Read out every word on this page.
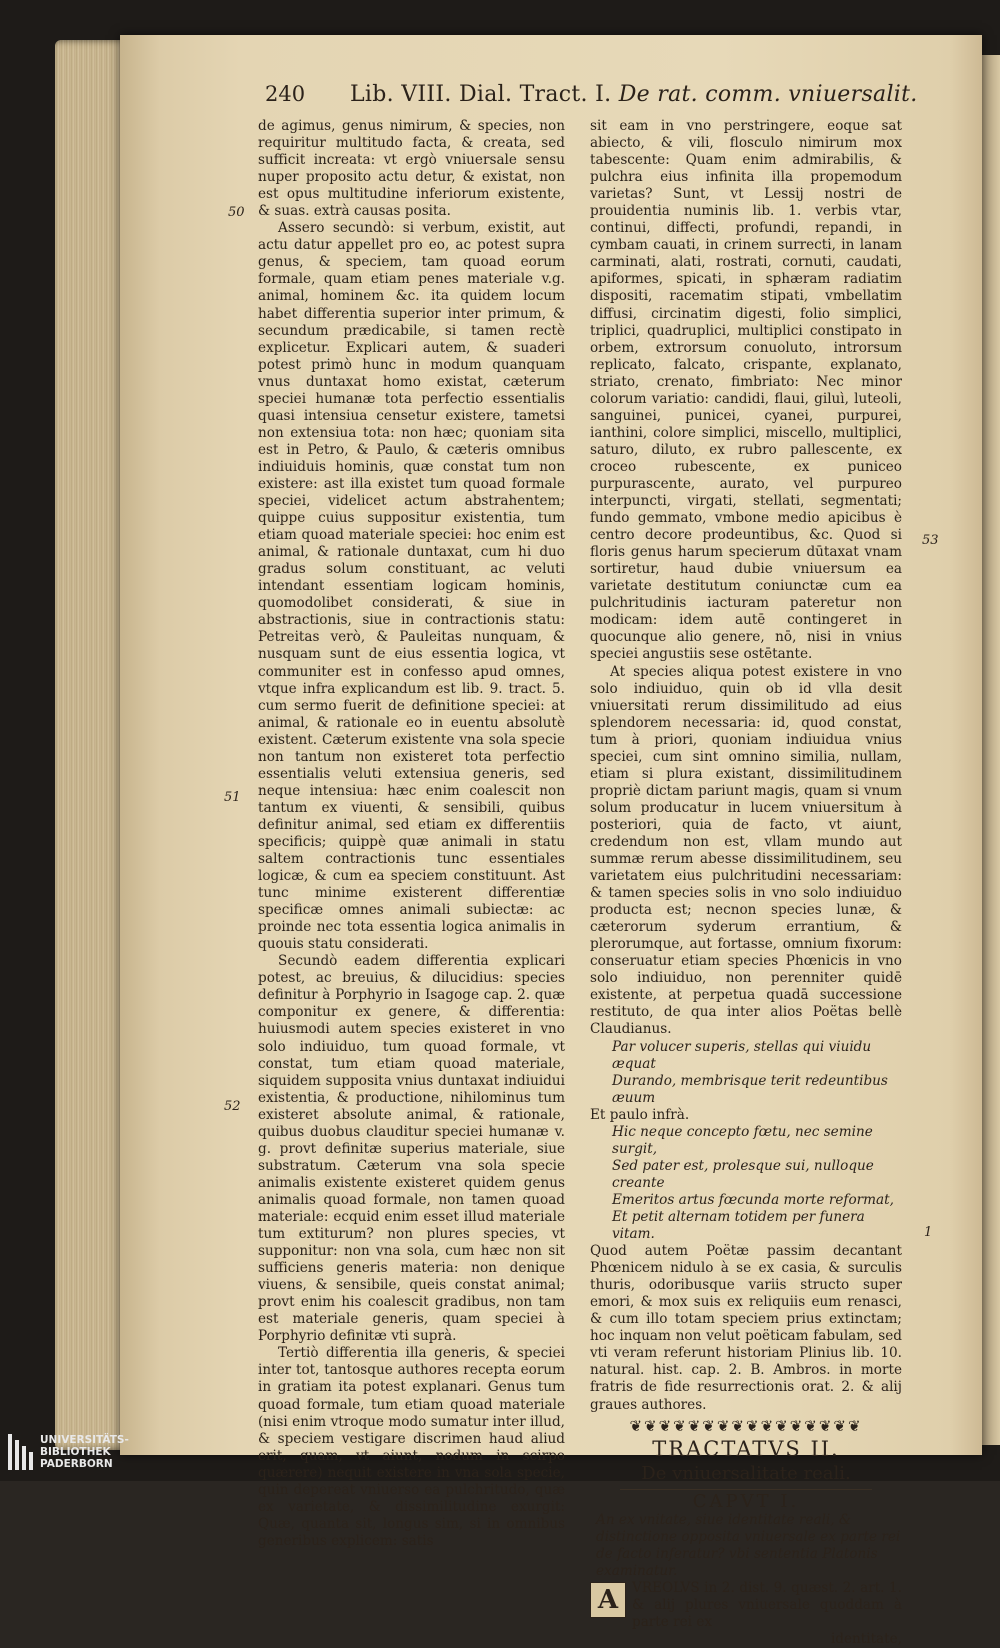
240 Lib. VIII. Dial. Tract. I. De rat. comm. vniuersalit.
50
51
52
53
1

de agimus, genus nimirum, & species, non requiritur multitudo facta, & creata, sed sufficit increata: vt ergò vniuersale sensu nuper proposito actu detur, & existat, non est opus multitudine inferiorum existente, & suas. extrà causas posita.

Assero secundò: si verbum, existit, aut actu datur appellet pro eo, ac potest supra genus, & speciem, tam quoad eorum formale, quam etiam penes materiale v.g. animal, hominem &c. ita quidem locum habet differentia superior inter primum, & secundum prædicabile, si tamen rectè explicetur. Explicari autem, & suaderi potest primò hunc in modum quanquam vnus duntaxat homo existat, cæterum speciei humanæ tota perfectio essentialis quasi intensiua censetur existere, tametsi non extensiua tota: non hæc; quoniam sita est in Petro, & Paulo, & cæteris omnibus indiuiduis hominis, quæ constat tum non existere: ast illa existet tum quoad formale speciei, videlicet actum abstrahentem; quippe cuius suppositur existentia, tum etiam quoad materiale speciei: hoc enim est animal, & rationale duntaxat, cum hi duo gradus solum constituant, ac veluti intendant essentiam logicam hominis, quomodolibet considerati, & siue in abstractionis, siue in contractionis statu: Petreitas verò, & Pauleitas nunquam, & nusquam sunt de eius essentia logica, vt communiter est in confesso apud omnes, vtque infra explicandum est lib. 9. tract. 5. cum sermo fuerit de definitione speciei: at animal, & rationale eo in euentu absolutè existent. Cæterum existente vna sola specie non tantum non existeret tota perfectio essentialis veluti extensiua generis, sed neque intensiua: hæc enim coalescit non tantum ex viuenti, & sensibili, quibus definitur animal, sed etiam ex differentiis specificis; quippè quæ animali in statu saltem contractionis tunc essentiales logicæ, & cum ea speciem constituunt. Ast tunc minime existerent differentiæ specificæ omnes animali subiectæ: ac proinde nec tota essentia logica animalis in quouis statu considerati.

Secundò eadem differentia explicari potest, ac breuius, & dilucidius: species definitur à Porphyrio in Isagoge cap. 2. quæ componitur ex genere, & differentia: huiusmodi autem species existeret in vno solo indiuiduo, tum quoad formale, vt constat, tum etiam quoad materiale, siquidem supposita vnius duntaxat indiuidui existentia, & productione, nihilominus tum existeret absolute animal, & rationale, quibus duobus clauditur speciei humanæ v. g. provt definitæ superius materiale, siue substratum. Cæterum vna sola specie animalis existente existeret quidem genus animalis quoad formale, non tamen quoad materiale: ecquid enim esset illud materiale tum extiturum? non plures species, vt supponitur: non vna sola, cum hæc non sit sufficiens generis materia: non denique viuens, & sensibile, queis constat animal; provt enim his coalescit gradibus, non tam est materiale generis, quam speciei à Porphyrio definitæ vti suprà.

Tertiò differentia illa generis, & speciei inter tot, tantosque authores recepta eorum in gratiam ita potest explanari. Genus tum quoad formale, tum etiam quoad materiale (nisi enim vtroque modo sumatur inter illud, & speciem vestigare discrimen haud aliud erit, quam, vt aiunt, nodum in scirpo quærere) nequit existere in vna sola specie, quin depereat vniuerso ea pulchritudo, quæ ex varietate, & dissimilitudine exurgit: Quæ, quanta sit, longus sim, si in omnibus generibus explicem: satis

sit eam in vno perstringere, eoque sat abiecto, & vili, flosculo nimirum mox tabescente: Quam enim admirabilis, & pulchra eius infinita illa propemodum varietas? Sunt, vt Lessij nostri de prouidentia numinis lib. 1. verbis vtar, continui, diffecti, profundi, repandi, in cymbam cauati, in crinem surrecti, in lanam carminati, alati, rostrati, cornuti, caudati, apiformes, spicati, in sphæram radiatim dispositi, racematim stipati, vmbellatim diffusi, circinatim digesti, folio simplici, triplici, quadruplici, multiplici constipato in orbem, extrorsum conuoluto, introrsum replicato, falcato, crispante, explanato, striato, crenato, fimbriato: Nec minor colorum variatio: candidi, flaui, giluì, luteoli, sanguinei, punicei, cyanei, purpurei, ianthini, colore simplici, miscello, multiplici, saturo, diluto, ex rubro pallescente, ex croceo rubescente, ex puniceo purpurascente, aurato, vel purpureo interpuncti, virgati, stellati, segmentati; fundo gemmato, vmbone medio apicibus è centro decore prodeuntibus, &c. Quod si floris genus harum specierum dūtaxat vnam sortiretur, haud dubie vniuersum ea varietate destitutum coniunctæ cum ea pulchritudinis iacturam pateretur non modicam: idem autē contingeret in quocunque alio genere, nō, nisi in vnius speciei angustiis sese ostētante.

At species aliqua potest existere in vno solo indiuiduo, quin ob id vlla desit vniuersitati rerum dissimilitudo ad eius splendorem necessaria: id, quod constat, tum à priori, quoniam indiuidua vnius speciei, cum sint omnino similia, nullam, etiam si plura existant, dissimilitudinem propriè dictam pariunt magis, quam si vnum solum producatur in lucem vniuersitum à posteriori, quia de facto, vt aiunt, credendum non est, vllam mundo aut summæ rerum abesse dissimilitudinem, seu varietatem eius pulchritudini necessariam: & tamen species solis in vno solo indiuiduo producta est; necnon species lunæ, & cæterorum syderum errantium, & plerorumque, aut fortasse, omnium fixorum: conseruatur etiam species Phœnicis in vno solo indiuiduo, non perenniter quidē existente, at perpetua quadā successione restituto, de qua inter alios Poëtas bellè Claudianus.

Par volucer superis, stellas qui viuidu æquat

Durando, membrisque terit redeuntibus æuum

Et paulo infrà.

Hic neque concepto fœtu, nec semine surgit,

Sed pater est, prolesque sui, nulloque creante

Emeritos artus fœcunda morte reformat,

Et petit alternam totidem per funera vitam.

Quod autem Poëtæ passim decantant Phœnicem nidulo à se ex casia, & surculis thuris, odoribusque variis structo super emori, & mox suis ex reliquiis eum renasci, & cum illo totam speciem prius extinctam; hoc inquam non velut poëticam fabulam, sed vti veram referunt historiam Plinius lib. 10. natural. hist. cap. 2. B. Ambros. in morte fratris de fide resurrectionis orat. 2. & alij graues authores.

❦❦❦❦❦❦❦❦❦❦❦❦❦❦❦❦
TRACTATVS II.
De vniuersalitate reali.
CAPVT I.

An ex vnitate, siue identitate reali, & distinctione opposita vniuersale ex parte rei de facto inferatur? vbi sententia Platonis examinatur.

A	VREOLVS in 2. dist. 9. quæst. 2. art. 1. & alij plures vniuersale quoddam à parte rei ex

identitate,

UNIVERSITÄTS-
BIBLIOTHEK
PADERBORN
